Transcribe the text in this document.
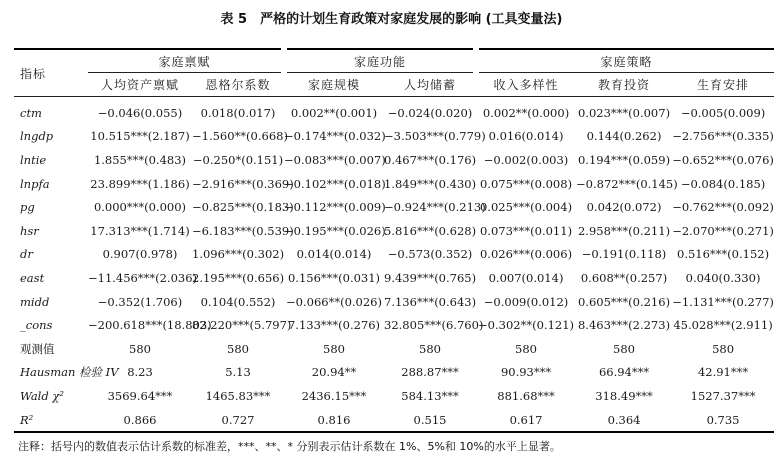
表 5　严格的计划生育政策对家庭发展的影响 (工具变量法)
指标	家庭禀赋		家庭功能		家庭策略		
	人均资产禀赋	恩格尔系数	家庭规模	人均储蓄	收入多样性	教育投资	生育安排
ctm	−0.046(0.055)	0.018(0.017)	0.002**(0.001)	−0.024(0.020)	0.002**(0.000)	0.023***(0.007)	−0.005(0.009)
lngdp	10.515***(2.187)	−1.560**(0.668)	−0.174***(0.032)	−3.503***(0.779)	0.016(0.014)	0.144(0.262)	−2.756***(0.335)
lntie	1.855***(0.483)	−0.250*(0.151)	−0.083***(0.007)	0.467***(0.176)	−0.002(0.003)	0.194***(0.059)	−0.652***(0.076)
lnpfa	23.899***(1.186)	−2.916***(0.369)	−0.102***(0.018)	1.849***(0.430)	0.075***(0.008)	−0.872***(0.145)	−0.084(0.185)
pg	0.000***(0.000)	−0.825***(0.183)	−0.112***(0.009)	−0.924***(0.213)	0.025***(0.004)	0.042(0.072)	−0.762***(0.092)
hsr	17.313***(1.714)	−6.183***(0.539)	−0.195***(0.026)	5.816***(0.628)	0.073***(0.011)	2.958***(0.211)	−2.070***(0.271)
dr	0.907(0.978)	1.096***(0.302)	0.014(0.014)	−0.573(0.352)	0.026***(0.006)	−0.191(0.118)	0.516***(0.152)
east	−11.456***(2.036)	2.195***(0.656)	0.156***(0.031)	9.439***(0.765)	0.007(0.014)	0.608**(0.257)	0.040(0.330)
midd	−0.352(1.706)	0.104(0.552)	−0.066**(0.026)	7.136***(0.643)	−0.009(0.012)	0.605***(0.216)	−1.131***(0.277)
_cons	−200.618***(18.803)	82.220***(5.797)	7.133***(0.276)	32.805***(6.760)	−0.302**(0.121)	8.463***(2.273)	45.028***(2.911)
观测值	580	580	580	580	580	580	580
Hausman 检验 IV	8.23	5.13	20.94**	288.87***	90.93***	66.94***	42.91***
Wald χ²	3569.64***	1465.83***	2436.15***	584.13***	881.68***	318.49***	1527.37***
R²	0.866	0.727	0.816	0.515	0.617	0.364	0.735
注释：括号内的数值表示估计系数的标准差，***、**、* 分别表示估计系数在 1%、5%和 10%的水平上显著。
